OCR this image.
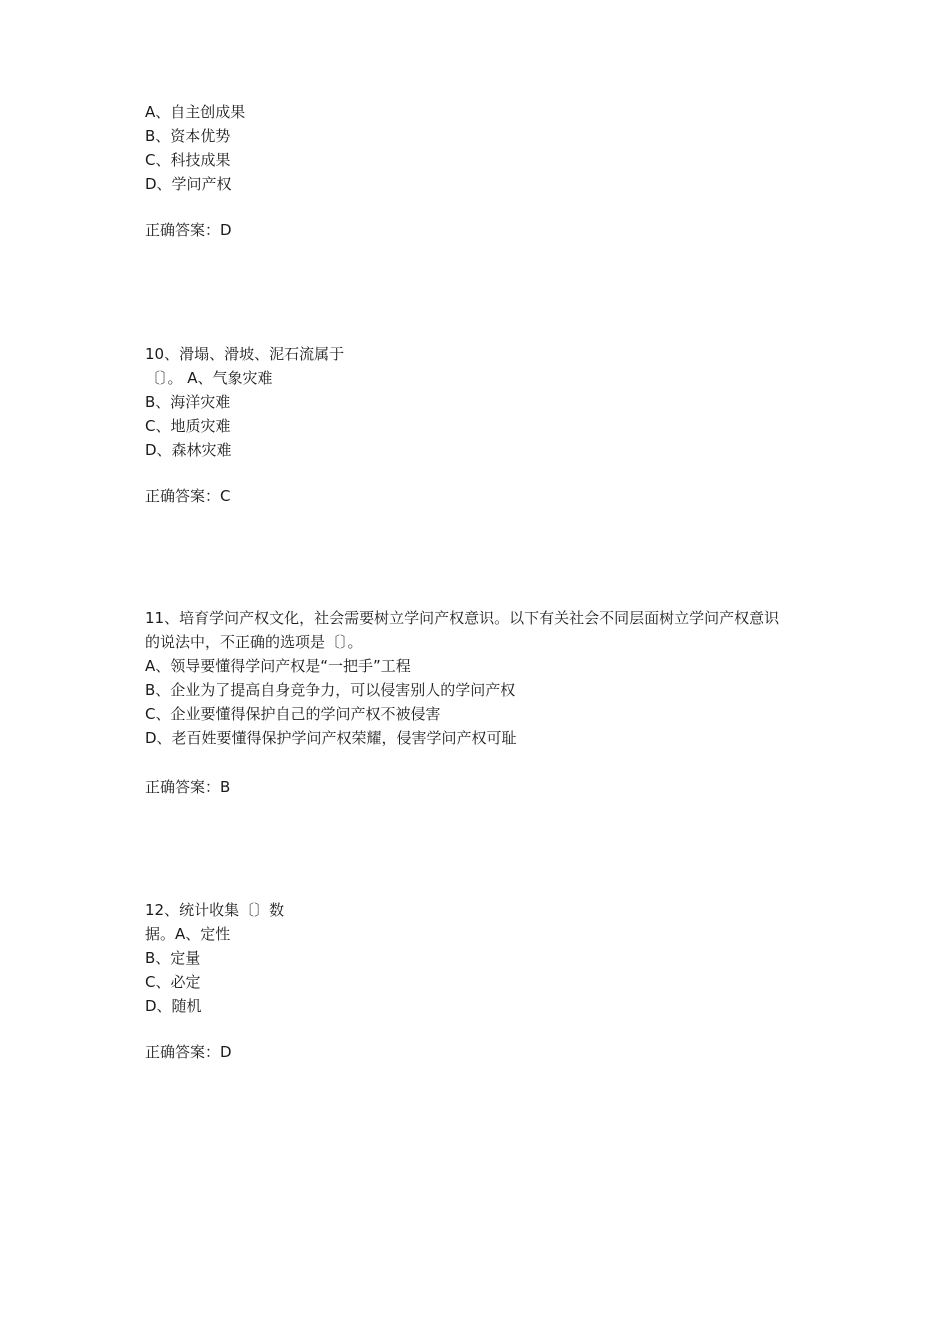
A、自主创成果
B、资本优势
C、科技成果
D、学问产权
正确答案：D
10、滑塌、滑坡、泥石流属于
〔〕。 A、气象灾难
B、海洋灾难
C、地质灾难
D、森林灾难
正确答案：C
11、培育学问产权文化，社会需要树立学问产权意识。以下有关社会不同层面树立学问产权意识
的说法中，不正确的选项是〔〕。
A、领导要懂得学问产权是“一把手”工程
B、企业为了提高自身竞争力，可以侵害别人的学问产权
C、企业要懂得保护自己的学问产权不被侵害
D、老百姓要懂得保护学问产权荣耀，侵害学问产权可耻
正确答案：B
12、统计收集〔〕数
据。A、定性
B、定量
C、必定
D、随机
正确答案：D
